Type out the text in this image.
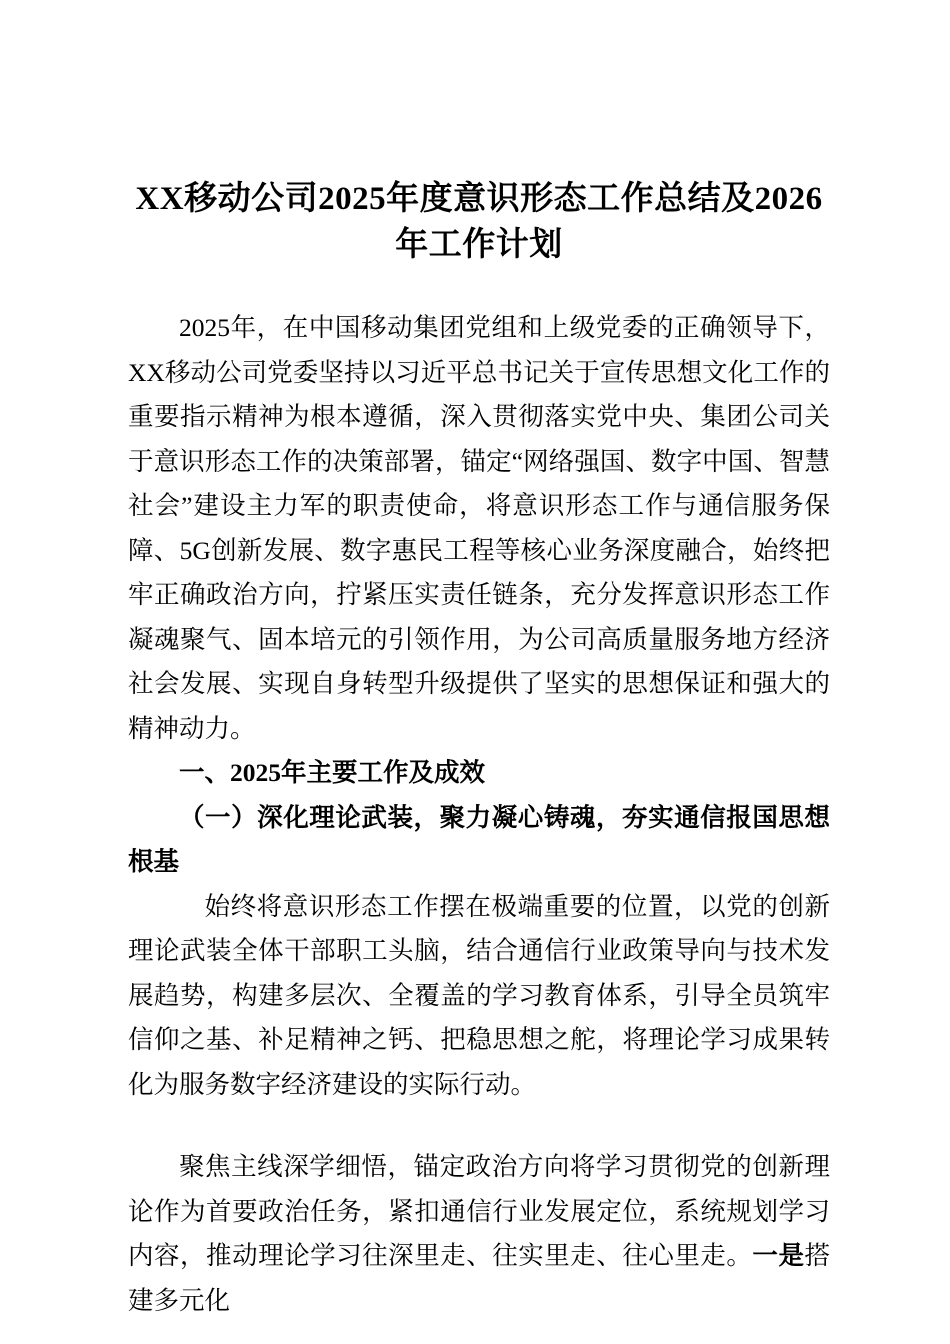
XX移动公司2025年度意识形态工作总结及2026年工作计划

2025年，在中国移动集团党组和上级党委的正确领导下，XX移动公司党委坚持以习近平总书记关于宣传思想文化工作的重要指示精神为根本遵循，深入贯彻落实党中央、集团公司关于意识形态工作的决策部署，锚定“网络强国、数字中国、智慧社会”建设主力军的职责使命，将意识形态工作与通信服务保障、5G创新发展、数字惠民工程等核心业务深度融合，始终把牢正确政治方向，拧紧压实责任链条，充分发挥意识形态工作凝魂聚气、固本培元的引领作用，为公司高质量服务地方经济社会发展、实现自身转型升级提供了坚实的思想保证和强大的精神动力。

一、2025年主要工作及成效

（一）深化理论武装，聚力凝心铸魂，夯实通信报国思想根基

始终将意识形态工作摆在极端重要的位置，以党的创新理论武装全体干部职工头脑，结合通信行业政策导向与技术发展趋势，构建多层次、全覆盖的学习教育体系，引导全员筑牢信仰之基、补足精神之钙、把稳思想之舵，将理论学习成果转化为服务数字经济建设的实际行动。

聚焦主线深学细悟，锚定政治方向将学习贯彻党的创新理论作为首要政治任务，紧扣通信行业发展定位，系统规划学习内容，推动理论学习往深里走、往实里走、往心里走。一是搭建多元化
